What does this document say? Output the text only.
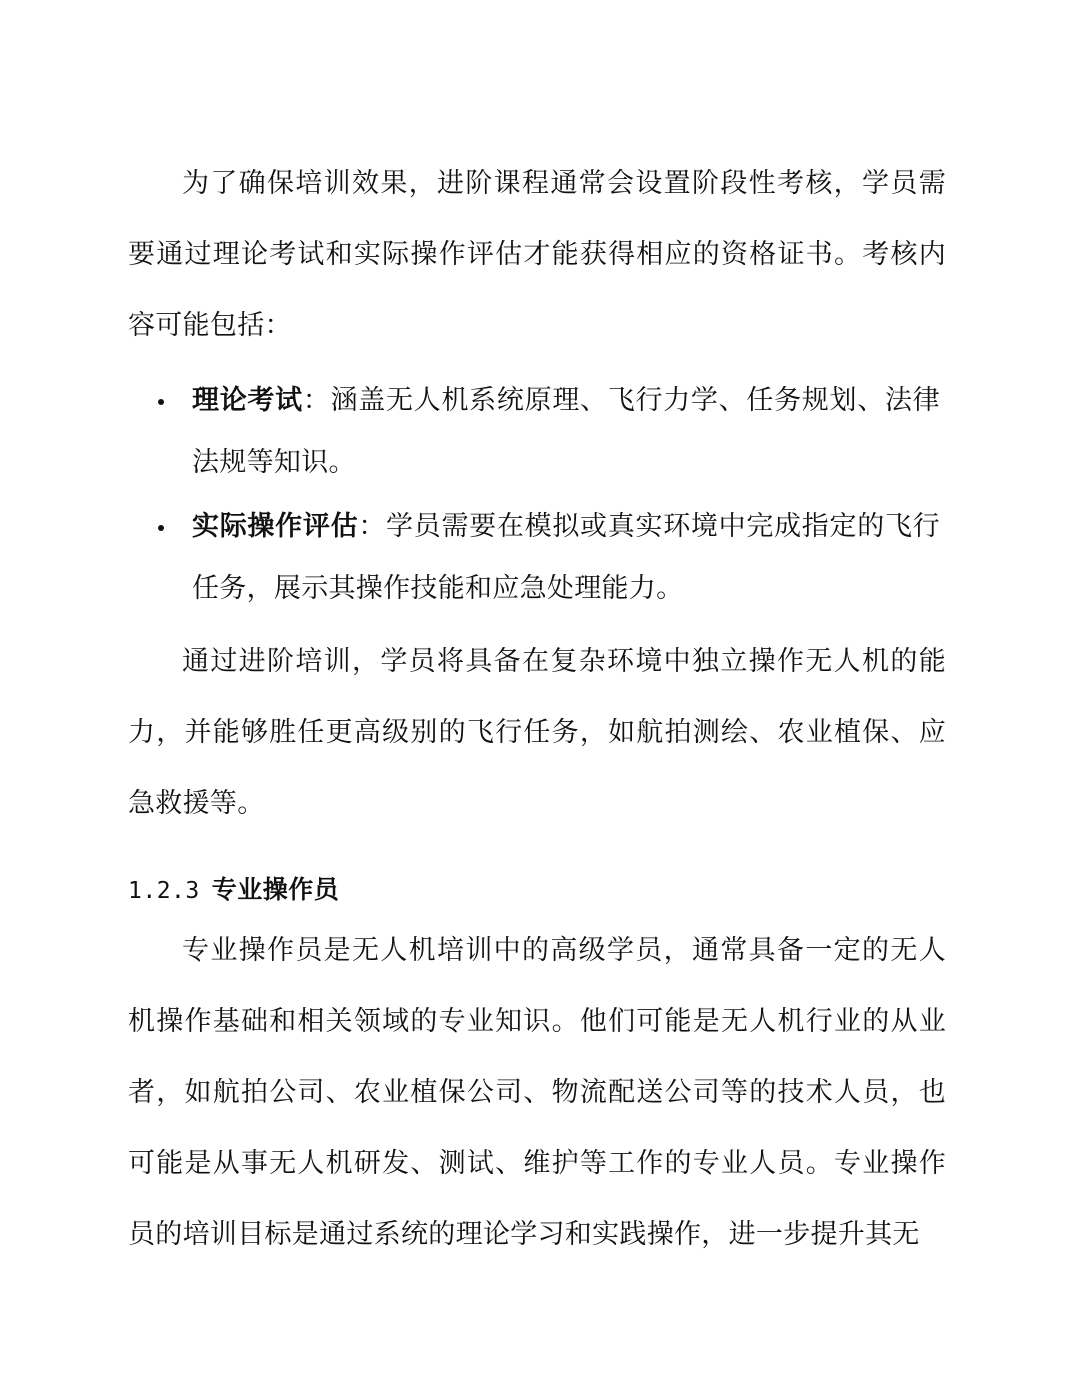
为了确保培训效果，进阶课程通常会设置阶段性考核，学员需要通过理论考试和实际操作评估才能获得相应的资格证书。考核内容可能包括：

理论考试：涵盖无人机系统原理、飞行力学、任务规划、法律法规等知识。
实际操作评估：学员需要在模拟或真实环境中完成指定的飞行任务，展示其操作技能和应急处理能力。

通过进阶培训，学员将具备在复杂环境中独立操作无人机的能力，并能够胜任更高级别的飞行任务，如航拍测绘、农业植保、应急救援等。

1.2.3 专业操作员

专业操作员是无人机培训中的高级学员，通常具备一定的无人机操作基础和相关领域的专业知识。他们可能是无人机行业的从业者，如航拍公司、农业植保公司、物流配送公司等的技术人员，也可能是从事无人机研发、测试、维护等工作的专业人员。专业操作员的培训目标是通过系统的理论学习和实践操作，进一步提升其无
